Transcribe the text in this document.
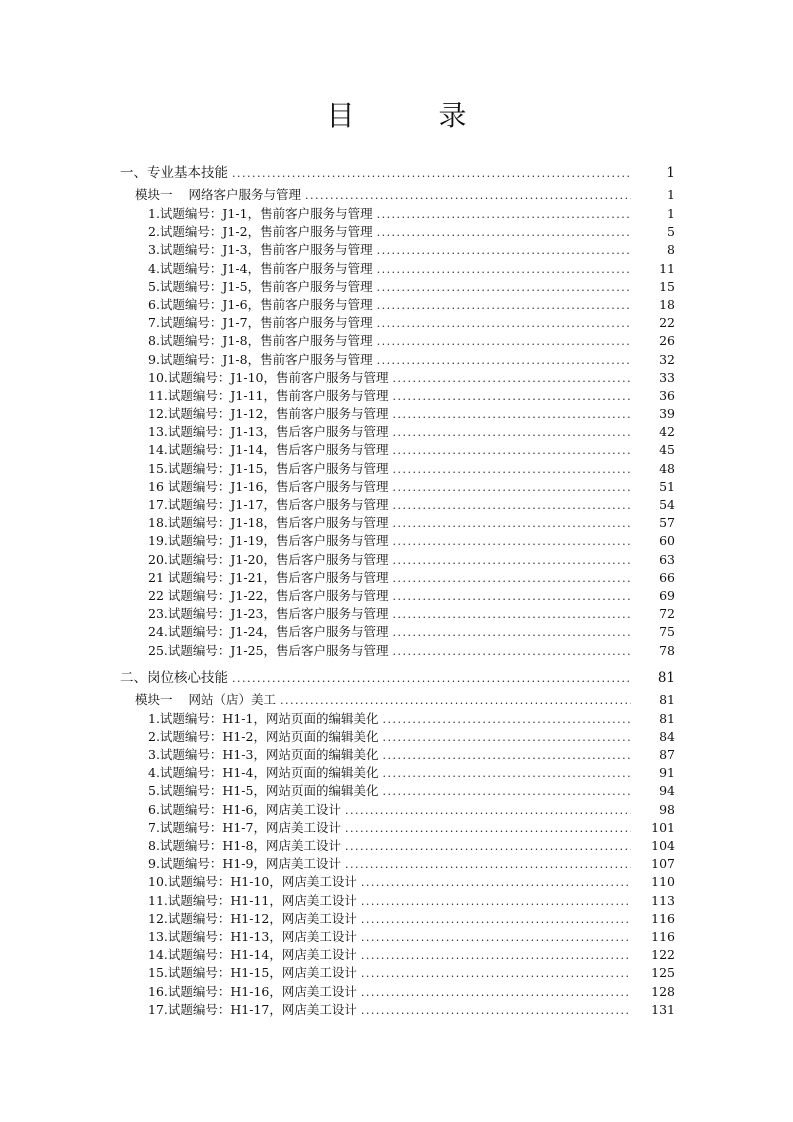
目　录
一、专业基本技能 . . .	1
模块一 网络客户服务与管理 . . .	1
1.试题编号：J1-1，售前客户服务与管理 . . .	1
2.试题编号：J1-2，售前客户服务与管理 . . .	5
3.试题编号：J1-3，售前客户服务与管理 . . .	8
4.试题编号：J1-4，售前客户服务与管理 . . .	11
5.试题编号：J1-5，售前客户服务与管理 . . .	15
6.试题编号：J1-6，售前客户服务与管理 . . .	18
7.试题编号：J1-7，售前客户服务与管理 . . .	22
8.试题编号：J1-8，售前客户服务与管理 . . .	26
9.试题编号：J1-8，售前客户服务与管理 . . .	32
10.试题编号：J1-10，售前客户服务与管理 . . .	33
11.试题编号：J1-11，售前客户服务与管理 . . .	36
12.试题编号：J1-12，售前客户服务与管理 . . .	39
13.试题编号：J1-13，售后客户服务与管理 . . .	42
14.试题编号：J1-14，售后客户服务与管理 . . .	45
15.试题编号：J1-15，售后客户服务与管理 . . .	48
16 试题编号：J1-16，售后客户服务与管理 . . .	51
17.试题编号：J1-17，售后客户服务与管理 . . .	54
18.试题编号：J1-18，售后客户服务与管理 . . .	57
19.试题编号：J1-19，售后客户服务与管理 . . .	60
20.试题编号：J1-20，售后客户服务与管理 . . .	63
21 试题编号：J1-21，售后客户服务与管理 . . .	66
22 试题编号：J1-22，售后客户服务与管理 . . .	69
23.试题编号：J1-23，售后客户服务与管理 . . .	72
24.试题编号：J1-24，售后客户服务与管理 . . .	75
25.试题编号：J1-25，售后客户服务与管理 . . .	78
二、岗位核心技能 . . .	81
模块一 网站（店）美工 . . .	81
1.试题编号：H1-1，网站页面的编辑美化 . . .	81
2.试题编号：H1-2，网站页面的编辑美化 . . .	84
3.试题编号：H1-3，网站页面的编辑美化 . . .	87
4.试题编号：H1-4，网站页面的编辑美化 . . .	91
5.试题编号：H1-5，网站页面的编辑美化 . . .	94
6.试题编号：H1-6，网店美工设计 . . .	98
7.试题编号：H1-7，网店美工设计 . . .	101
8.试题编号：H1-8，网店美工设计 . . .	104
9.试题编号：H1-9，网店美工设计 . . .	107
10.试题编号：H1-10，网店美工设计 . . .	110
11.试题编号：H1-11，网店美工设计 . . .	113
12.试题编号：H1-12，网店美工设计 . . .	116
13.试题编号：H1-13，网店美工设计 . . .	116
14.试题编号：H1-14，网店美工设计 . . .	122
15.试题编号：H1-15，网店美工设计 . . .	125
16.试题编号：H1-16，网店美工设计 . . .	128
17.试题编号：H1-17，网店美工设计 . . .	131
